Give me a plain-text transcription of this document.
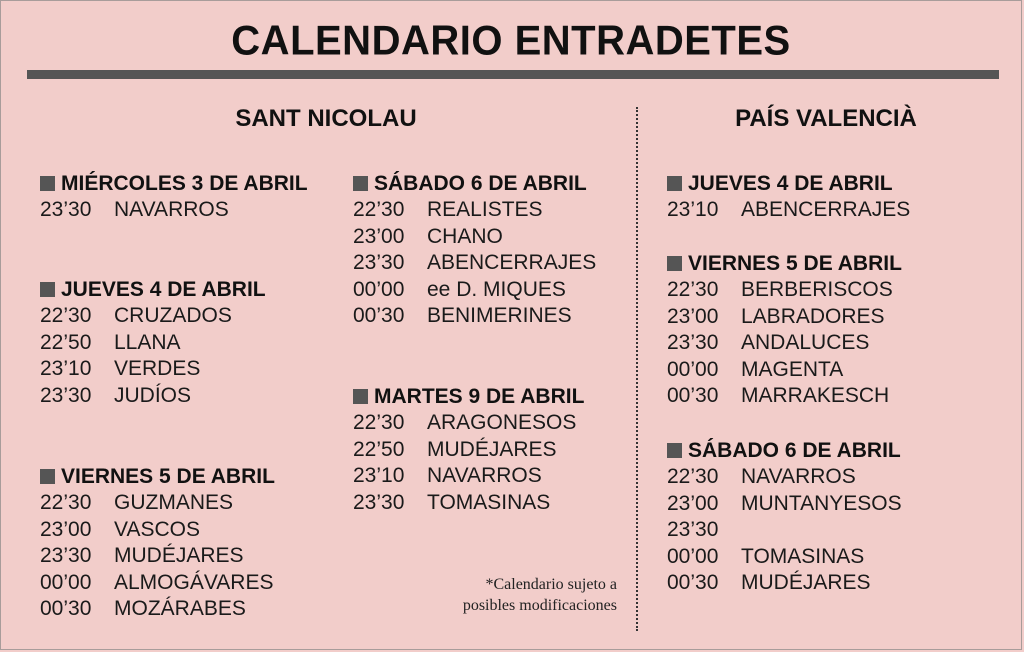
CALENDARIO ENTRADETES
SANT NICOLAU	PAÍS VALENCIÀ
MIÉRCOLES 3 DE ABRIL
23’30 NAVARROS
JUEVES 4 DE ABRIL
22’30 CRUZADOS
22’50 LLANA
23’10 VERDES
23’30 JUDÍOS
VIERNES 5 DE ABRIL
22’30 GUZMANES
23’00 VASCOS
23’30 MUDÉJARES
00’00 ALMOGÁVARES
00’30 MOZÁRABES
SÁBADO 6 DE ABRIL
22’30 REALISTES
23’00 CHANO
23’30 ABENCERRAJES
00’00 ee D. MIQUES
00’30 BENIMERINES
MARTES 9 DE ABRIL
22’30 ARAGONESOS
22’50 MUDÉJARES
23’10 NAVARROS
23’30 TOMASINAS
*Calendario sujeto a
posibles modificaciones
JUEVES 4 DE ABRIL
23’10 ABENCERRAJES
VIERNES 5 DE ABRIL
22’30 BERBERISCOS
23’00 LABRADORES
23’30 ANDALUCES
00’00 MAGENTA
00’30 MARRAKESCH
SÁBADO 6 DE ABRIL
22’30 NAVARROS
23’00 MUNTANYESOS
23’30
00’00 TOMASINAS
00’30 MUDÉJARES
